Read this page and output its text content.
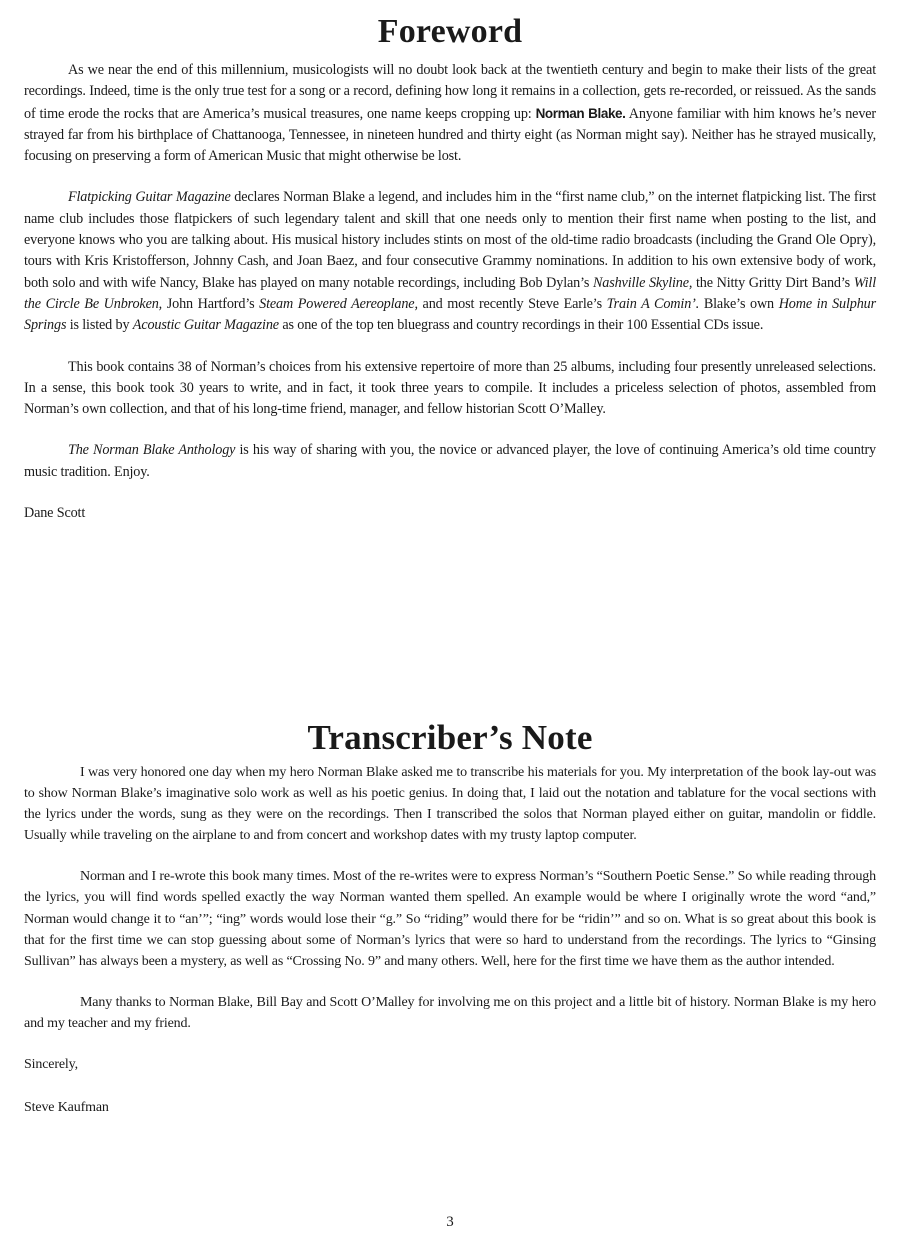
Foreword

As we near the end of this millennium, musicologists will no doubt look back at the twentieth century and begin to make their lists of the great recordings. Indeed, time is the only true test for a song or a record, defining how long it remains in a collection, gets re-recorded, or reissued. As the sands of time erode the rocks that are America’s musical treasures, one name keeps cropping up: Norman Blake. Anyone familiar with him knows he’s never strayed far from his birthplace of Chattanooga, Tennessee, in nineteen hundred and thirty eight (as Norman might say). Neither has he strayed musically, focusing on preserving a form of American Music that might otherwise be lost.

Flatpicking Guitar Magazine declares Norman Blake a legend, and includes him in the “first name club,” on the internet flatpicking list. The first name club includes those flatpickers of such legendary talent and skill that one needs only to mention their first name when posting to the list, and everyone knows who you are talking about. His musical history includes stints on most of the old-time radio broadcasts (including the Grand Ole Opry), tours with Kris Kristofferson, Johnny Cash, and Joan Baez, and four consecutive Grammy nominations. In addition to his own extensive body of work, both solo and with wife Nancy, Blake has played on many notable recordings, including Bob Dylan’s Nashville Skyline, the Nitty Gritty Dirt Band’s Will the Circle Be Unbroken, John Hartford’s Steam Powered Aereoplane, and most recently Steve Earle’s Train A Comin’. Blake’s own Home in Sulphur Springs is listed by Acoustic Guitar Magazine as one of the top ten bluegrass and country recordings in their 100 Essential CDs issue.

This book contains 38 of Norman’s choices from his extensive repertoire of more than 25 albums, including four presently unreleased selections. In a sense, this book took 30 years to write, and in fact, it took three years to compile. It includes a priceless selection of photos, assembled from Norman’s own collection, and that of his long-time friend, manager, and fellow historian Scott O’Malley.

The Norman Blake Anthology is his way of sharing with you, the novice or advanced player, the love of continuing America’s old time country music tradition. Enjoy.

Dane Scott

Transcriber’s Note

I was very honored one day when my hero Norman Blake asked me to transcribe his materials for you. My interpretation of the book lay-out was to show Norman Blake’s imaginative solo work as well as his poetic genius. In doing that, I laid out the notation and tablature for the vocal sections with the lyrics under the words, sung as they were on the recordings. Then I transcribed the solos that Norman played either on guitar, mandolin or fiddle. Usually while traveling on the airplane to and from concert and workshop dates with my trusty laptop computer.

Norman and I re-wrote this book many times. Most of the re-writes were to express Norman’s “Southern Poetic Sense.” So while reading through the lyrics, you will find words spelled exactly the way Norman wanted them spelled. An example would be where I originally wrote the word “and,” Norman would change it to “an’”; “ing” words would lose their “g.” So “riding” would there for be “ridin’” and so on. What is so great about this book is that for the first time we can stop guessing about some of Norman’s lyrics that were so hard to understand from the recordings. The lyrics to “Ginsing Sullivan” has always been a mystery, as well as “Crossing No. 9” and many others. Well, here for the first time we have them as the author intended.

Many thanks to Norman Blake, Bill Bay and Scott O’Malley for involving me on this project and a little bit of history. Norman Blake is my hero and my teacher and my friend.

Sincerely,

Steve Kaufman

3
